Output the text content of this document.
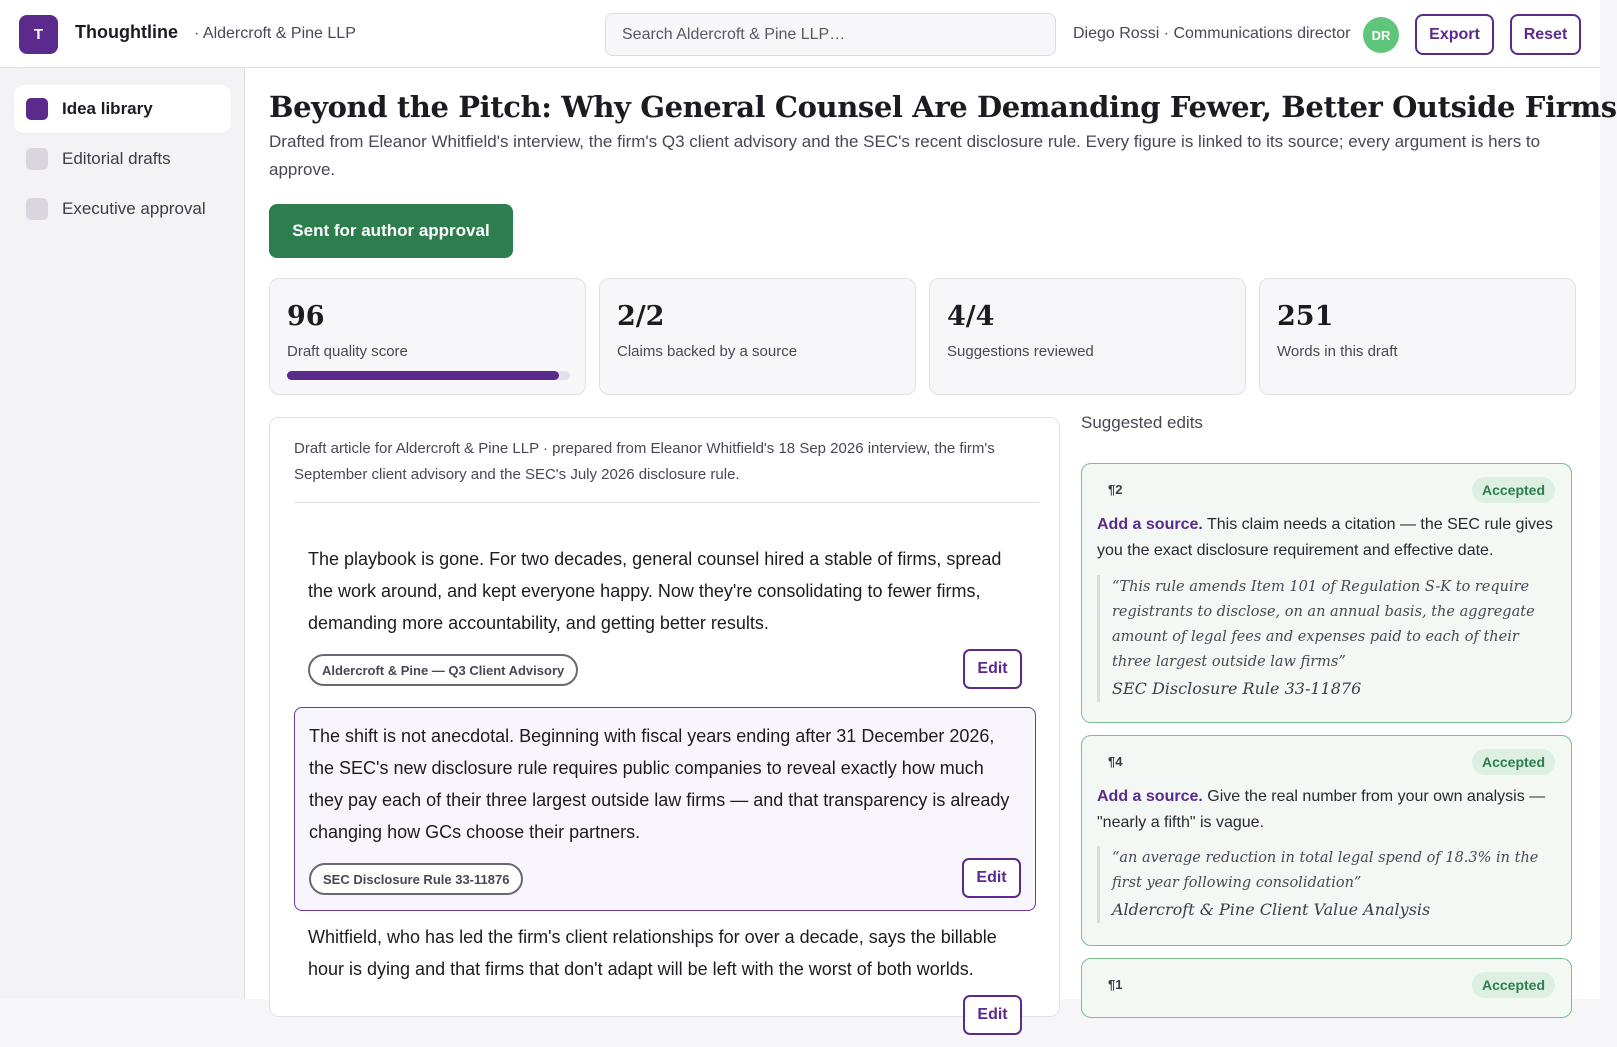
T	Thoughtline · Aldercroft & Pine LLP
Search Aldercroft & Pine LLP…	Diego Rossi · Communications director	DR	Export	Reset
Idea library
Editorial drafts
Executive approval
Beyond the Pitch: Why General Counsel Are Demanding Fewer, Better Outside Firms

Drafted from Eleanor Whitfield's interview, the firm's Q3 client advisory and the SEC's recent disclosure rule. Every figure is linked to its source; every argument is hers to approve.

Sent for author approval
96
Draft quality score
2/2
Claims backed by a source
4/4
Suggestions reviewed
251
Words in this draft
Draft article for Aldercroft & Pine LLP · prepared from Eleanor Whitfield's 18 Sep 2026 interview, the firm's September client advisory and the SEC's July 2026 disclosure rule.
The playbook is gone. For two decades, general counsel hired a stable of firms, spread the work around, and kept everyone happy. Now they're consolidating to fewer firms, demanding more accountability, and getting better results.
Aldercroft & Pine — Q3 Client Advisory	Edit
The shift is not anecdotal. Beginning with fiscal years ending after 31 December 2026, the SEC's new disclosure rule requires public companies to reveal exactly how much they pay each of their three largest outside law firms — and that transparency is already changing how GCs choose their partners.
SEC Disclosure Rule 33-11876	Edit
Whitfield, who has led the firm's client relationships for over a decade, says the billable hour is dying and that firms that don't adapt will be left with the worst of both worlds.
Edit
Suggested edits
¶2	Accepted
Add a source. This claim needs a citation — the SEC rule gives you the exact disclosure requirement and effective date.
“This rule amends Item 101 of Regulation S-K to require registrants to disclose, on an annual basis, the aggregate amount of legal fees and expenses paid to each of their three largest outside law firms”
SEC Disclosure Rule 33-11876
¶4	Accepted
Add a source. Give the real number from your own analysis — "nearly a fifth" is vague.
“an average reduction in total legal spend of 18.3% in the first year following consolidation”
Aldercroft & Pine Client Value Analysis
¶1	Accepted
